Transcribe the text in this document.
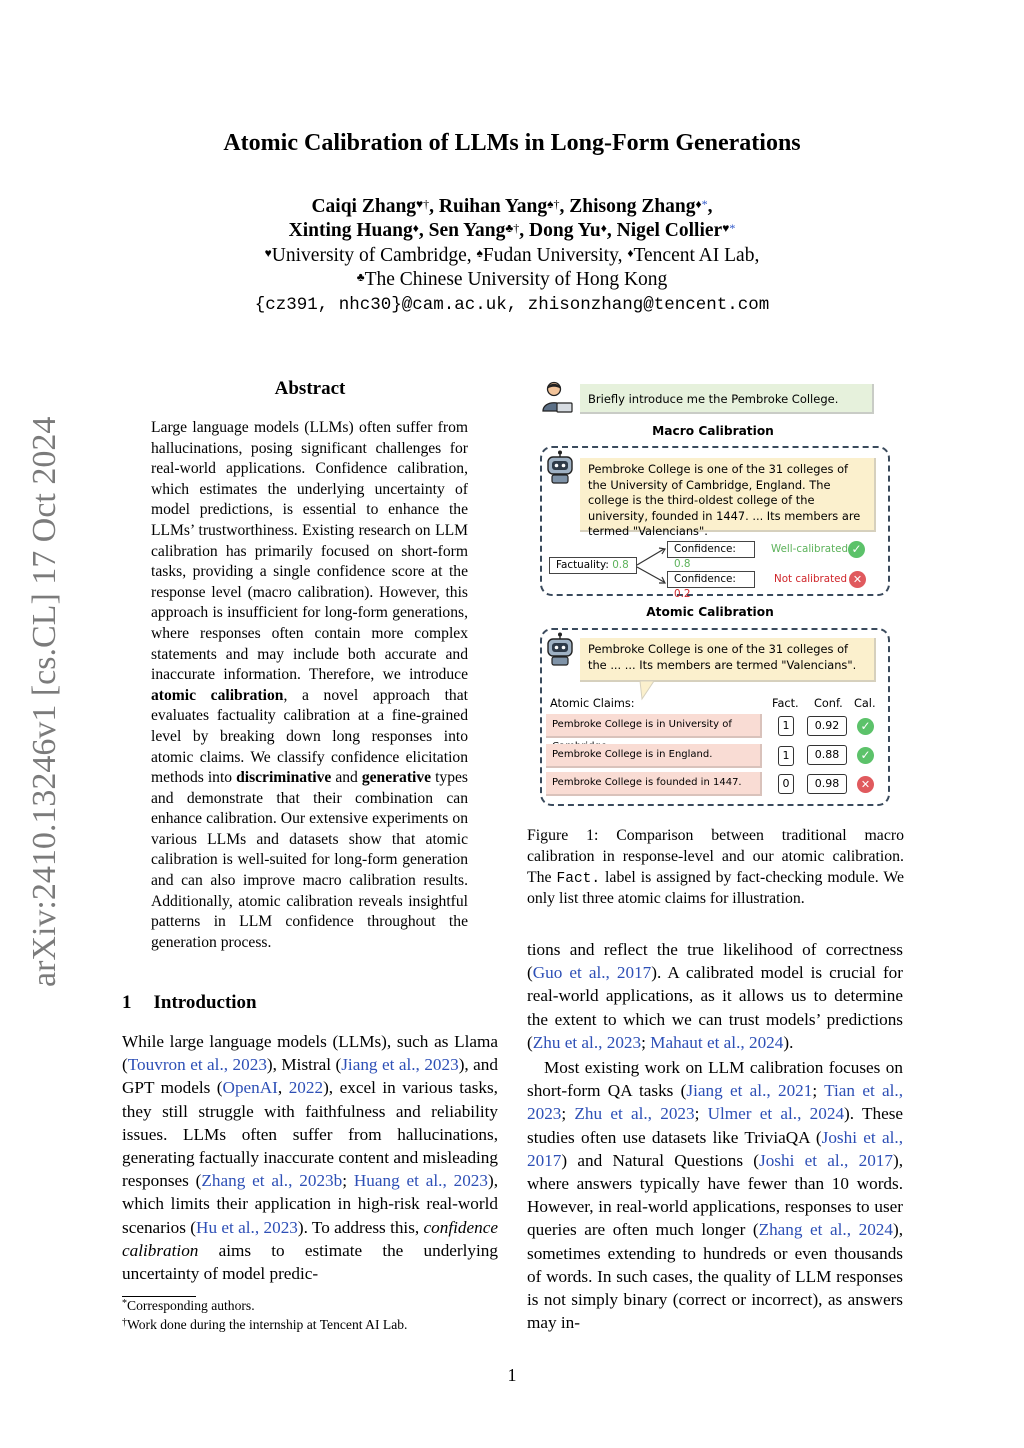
arXiv:2410.13246v1 [cs.CL] 17 Oct 2024
Atomic Calibration of LLMs in Long-Form Generations
Caiqi Zhang♥†, Ruihan Yang♠†, Zhisong Zhang♦*,
Xinting Huang♦, Sen Yang♣†, Dong Yu♦, Nigel Collier♥*
♥University of Cambridge, ♠Fudan University, ♦Tencent AI Lab,
♣The Chinese University of Hong Kong
{cz391, nhc30}@cam.ac.uk, zhisonzhang@tencent.com
Abstract
Large language models (LLMs) often suffer from hallucinations, posing significant challenges for real-world applications. Confidence calibration, which estimates the underlying uncertainty of model predictions, is essential to enhance the LLMs’ trustworthiness. Existing research on LLM calibration has primarily focused on short-form tasks, providing a single confidence score at the response level (macro calibration). However, this approach is insufficient for long-form generations, where responses often contain more complex statements and may include both accurate and inaccurate information. Therefore, we introduce atomic calibration, a novel approach that evaluates factuality calibration at a fine-grained level by breaking down long responses into atomic claims. We classify confidence elicitation methods into discriminative and generative types and demonstrate that their combination can enhance calibration. Our extensive experiments on various LLMs and datasets show that atomic calibration is well-suited for long-form generation and can also improve macro calibration results. Additionally, atomic calibration reveals insightful patterns in LLM confidence throughout the generation process.
1 Introduction
While large language models (LLMs), such as Llama (Touvron et al., 2023), Mistral (Jiang et al., 2023), and GPT models (OpenAI, 2022), excel in various tasks, they still struggle with faithfulness and reliability issues. LLMs often suffer from hallucinations, generating factually inaccurate content and misleading responses (Zhang et al., 2023b; Huang et al., 2023), which limits their application in high-risk real-world scenarios (Hu et al., 2023). To address this, confidence calibration aims to estimate the underlying uncertainty of model predic-
*Corresponding authors.
†Work done during the internship at Tencent AI Lab.
1
Briefly introduce me the Pembroke College.
Macro Calibration
Pembroke College is one of the 31 colleges of the University of Cambridge, England. The college is the third-oldest college of the university, founded in 1447. ... Its members are termed "Valencians".
Factuality: 0.8
Confidence: 0.8
Confidence: 0.2
Well-calibrated
Not calibrated
✓
✕
Atomic Calibration
Pembroke College is one of the 31 colleges of the ... ... Its members are termed "Valencians".
Atomic Claims:	Fact. Conf. Cal.
Pembroke College is in University of	1	0.92	✓
Pembroke College is in England.	1	0.88	✓
Pembroke College is founded in 1447.	0	0.98	✕
Figure 1: Comparison between traditional macro calibration in response-level and our atomic calibration. The Fact. label is assigned by fact-checking module. We only list three atomic claims for illustration.
tions and reflect the true likelihood of correctness (Guo et al., 2017). A calibrated model is crucial for real-world applications, as it allows us to determine the extent to which we can trust models’ predictions (Zhu et al., 2023; Mahaut et al., 2024).
Most existing work on LLM calibration focuses on short-form QA tasks (Jiang et al., 2021; Tian et al., 2023; Zhu et al., 2023; Ulmer et al., 2024). These studies often use datasets like TriviaQA (Joshi et al., 2017) and Natural Questions (Joshi et al., 2017), where answers typically have fewer than 10 words. However, in real-world applications, responses to user queries are often much longer (Zhang et al., 2024), sometimes extending to hundreds or even thousands of words. In such cases, the quality of LLM responses is not simply binary (correct or incorrect), as answers may in-
